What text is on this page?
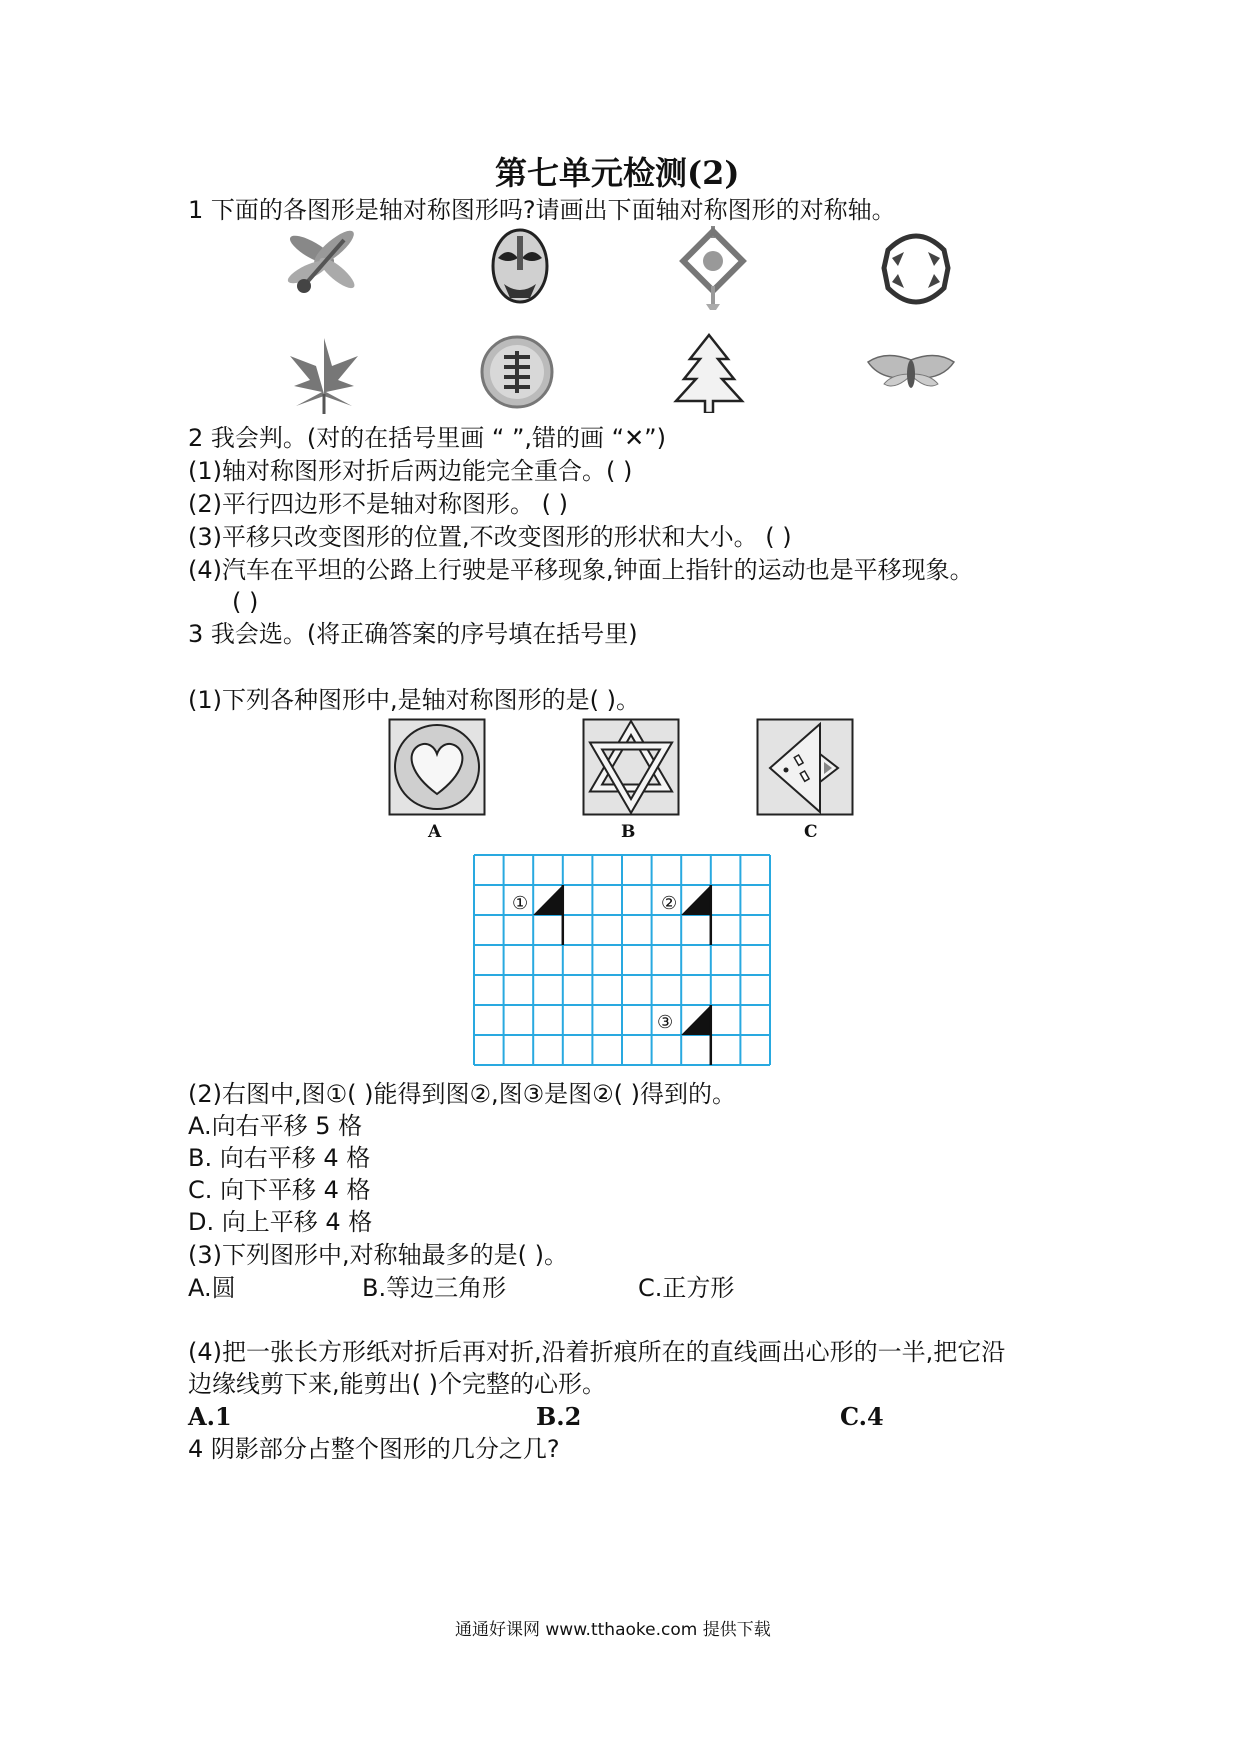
第七单元检测(2)
1 下面的各图形是轴对称图形吗?请画出下面轴对称图形的对称轴。
2 我会判。(对的在括号里画 “ ”,错的画 “✕”)
(1)轴对称图形对折后两边能完全重合。( )
(2)平行四边形不是轴对称图形。 ( )
(3)平移只改变图形的位置,不改变图形的形状和大小。 ( )
(4)汽车在平坦的公路上行驶是平移现象,钟面上指针的运动也是平移现象。
( )
3 我会选。(将正确答案的序号填在括号里)
(1)下列各种图形中,是轴对称图形的是( )。
A	B	C
①	②
③
(2)右图中,图①( )能得到图②,图③是图②( )得到的。
A.向右平移 5 格
B. 向右平移 4 格
C. 向下平移 4 格
D. 向上平移 4 格
(3)下列图形中,对称轴最多的是( )。
A.圆	B.等边三角形	C.正方形
(4)把一张长方形纸对折后再对折,沿着折痕所在的直线画出心形的一半,把它沿
边缘线剪下来,能剪出( )个完整的心形。
A.1	B.2	C.4
4 阴影部分占整个图形的几分之几?
通通好课网 www.tthaoke.com 提供下载
